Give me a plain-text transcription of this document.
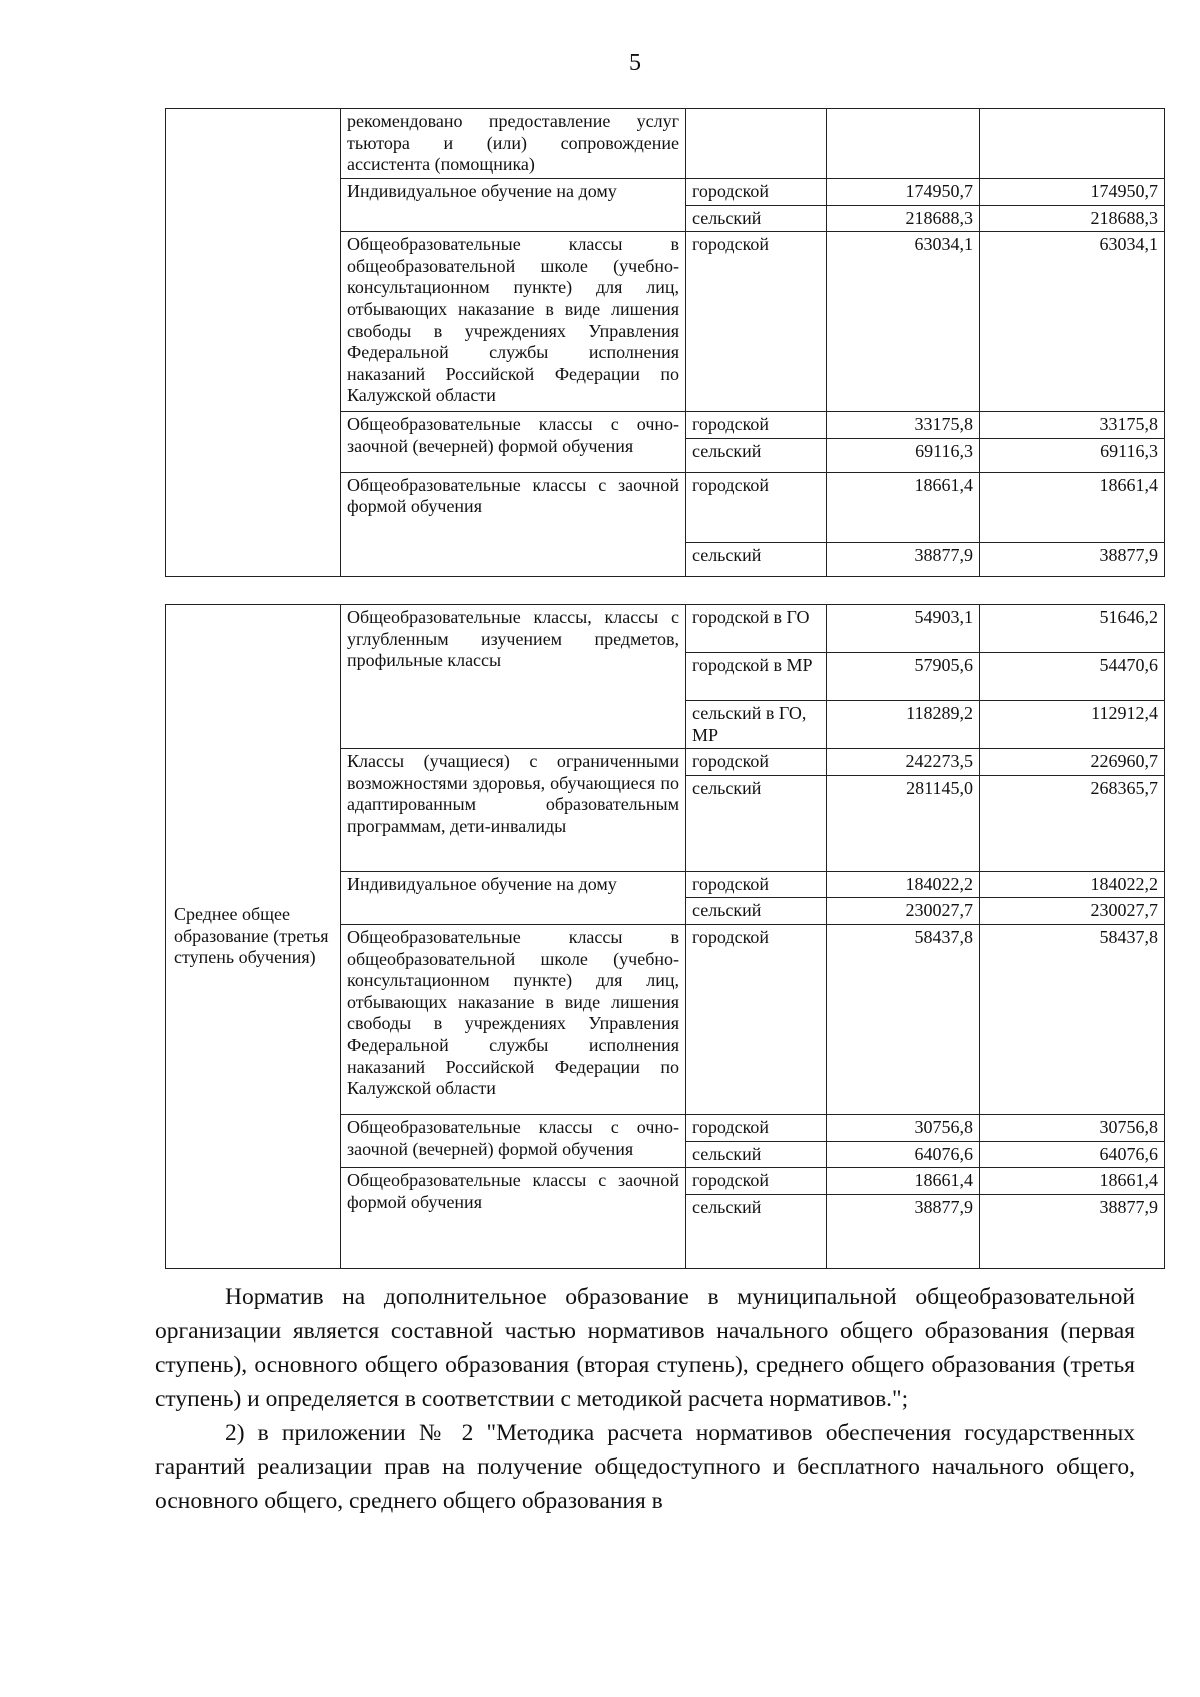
5
	рекомендовано предоставление услуг тьютора и (или) сопровождение ассистента (помощника)			
	Индивидуальное обучение на дому	городской	174950,7	174950,7
		сельский	218688,3	218688,3
	Общеобразовательные классы в общеобразовательной школе (учебно-консультационном пункте) для лиц, отбывающих наказание в виде лишения свободы в учреждениях Управления Федеральной службы исполнения наказаний Российской Федерации по Калужской области	городской	63034,1	63034,1
	Общеобразовательные классы с очно-заочной (вечерней) формой обучения	городской	33175,8	33175,8
		сельский	69116,3	69116,3
	Общеобразовательные классы с заочной формой обучения	городской	18661,4	18661,4
		сельский	38877,9	38877,9
Среднее общее образование (третья ступень обучения)	Общеобразовательные классы, классы с углубленным изучением предметов, профильные классы	городской в ГО	54903,1	51646,2
		городской в МР	57905,6	54470,6
		сельский в ГО, МР	118289,2	112912,4
	Классы (учащиеся) с ограниченными возможностями здоровья, обучающиеся по адаптированным образовательным программам, дети-инвалиды	городской	242273,5	226960,7
		сельский	281145,0	268365,7
	Индивидуальное обучение на дому	городской	184022,2	184022,2
		сельский	230027,7	230027,7
	Общеобразовательные классы в общеобразовательной школе (учебно-консультационном пункте) для лиц, отбывающих наказание в виде лишения свободы в учреждениях Управления Федеральной службы исполнения наказаний Российской Федерации по Калужской области	городской	58437,8	58437,8
	Общеобразовательные классы с очно-заочной (вечерней) формой обучения	городской	30756,8	30756,8
		сельский	64076,6	64076,6
	Общеобразовательные классы с заочной формой обучения	городской	18661,4	18661,4
		сельский	38877,9	38877,9

Норматив на дополнительное образование в муниципальной общеобразовательной организации является составной частью нормативов начального общего образования (первая ступень), основного общего образования (вторая ступень), среднего общего образования (третья ступень) и определяется в соответствии с методикой расчета нормативов.";

2) в приложении № 2 "Методика расчета нормативов обеспечения государственных гарантий реализации прав на получение общедоступного и бесплатного начального общего, основного общего, среднего общего образования в
